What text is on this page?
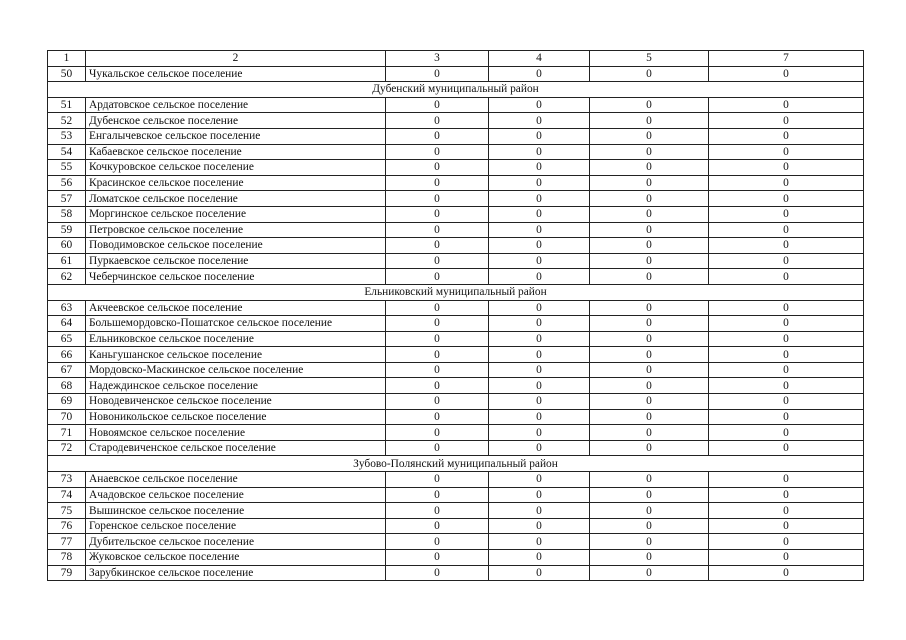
1	2	3	4	5	7
50	Чукальское сельское поселение	0	0	0	0
Дубенский муниципальный район					
51	Ардатовское сельское поселение	0	0	0	0
52	Дубенское сельское поселение	0	0	0	0
53	Енгалычевское сельское поселение	0	0	0	0
54	Кабаевское сельское поселение	0	0	0	0
55	Кочкуровское сельское поселение	0	0	0	0
56	Красинское сельское поселение	0	0	0	0
57	Ломатское сельское поселение	0	0	0	0
58	Моргинское сельское поселение	0	0	0	0
59	Петровское сельское поселение	0	0	0	0
60	Поводимовское сельское поселение	0	0	0	0
61	Пуркаевское сельское поселение	0	0	0	0
62	Чеберчинское сельское поселение	0	0	0	0
Ельниковский муниципальный район					
63	Акчеевское сельское поселение	0	0	0	0
64	Большемордовско-Пошатское сельское поселение	0	0	0	0
65	Ельниковское сельское поселение	0	0	0	0
66	Каньгушанское сельское поселение	0	0	0	0
67	Мордовско-Маскинское сельское поселение	0	0	0	0
68	Надеждинское сельское поселение	0	0	0	0
69	Новодевиченское сельское поселение	0	0	0	0
70	Новоникольское сельское поселение	0	0	0	0
71	Новоямское сельское поселение	0	0	0	0
72	Стародевиченское сельское поселение	0	0	0	0
Зубово-Полянский муниципальный район					
73	Анаевское сельское поселение	0	0	0	0
74	Ачадовское сельское поселение	0	0	0	0
75	Вышинское сельское поселение	0	0	0	0
76	Горенское сельское поселение	0	0	0	0
77	Дубительское сельское поселение	0	0	0	0
78	Жуковское сельское поселение	0	0	0	0
79	Зарубкинское сельское поселение	0	0	0	0
